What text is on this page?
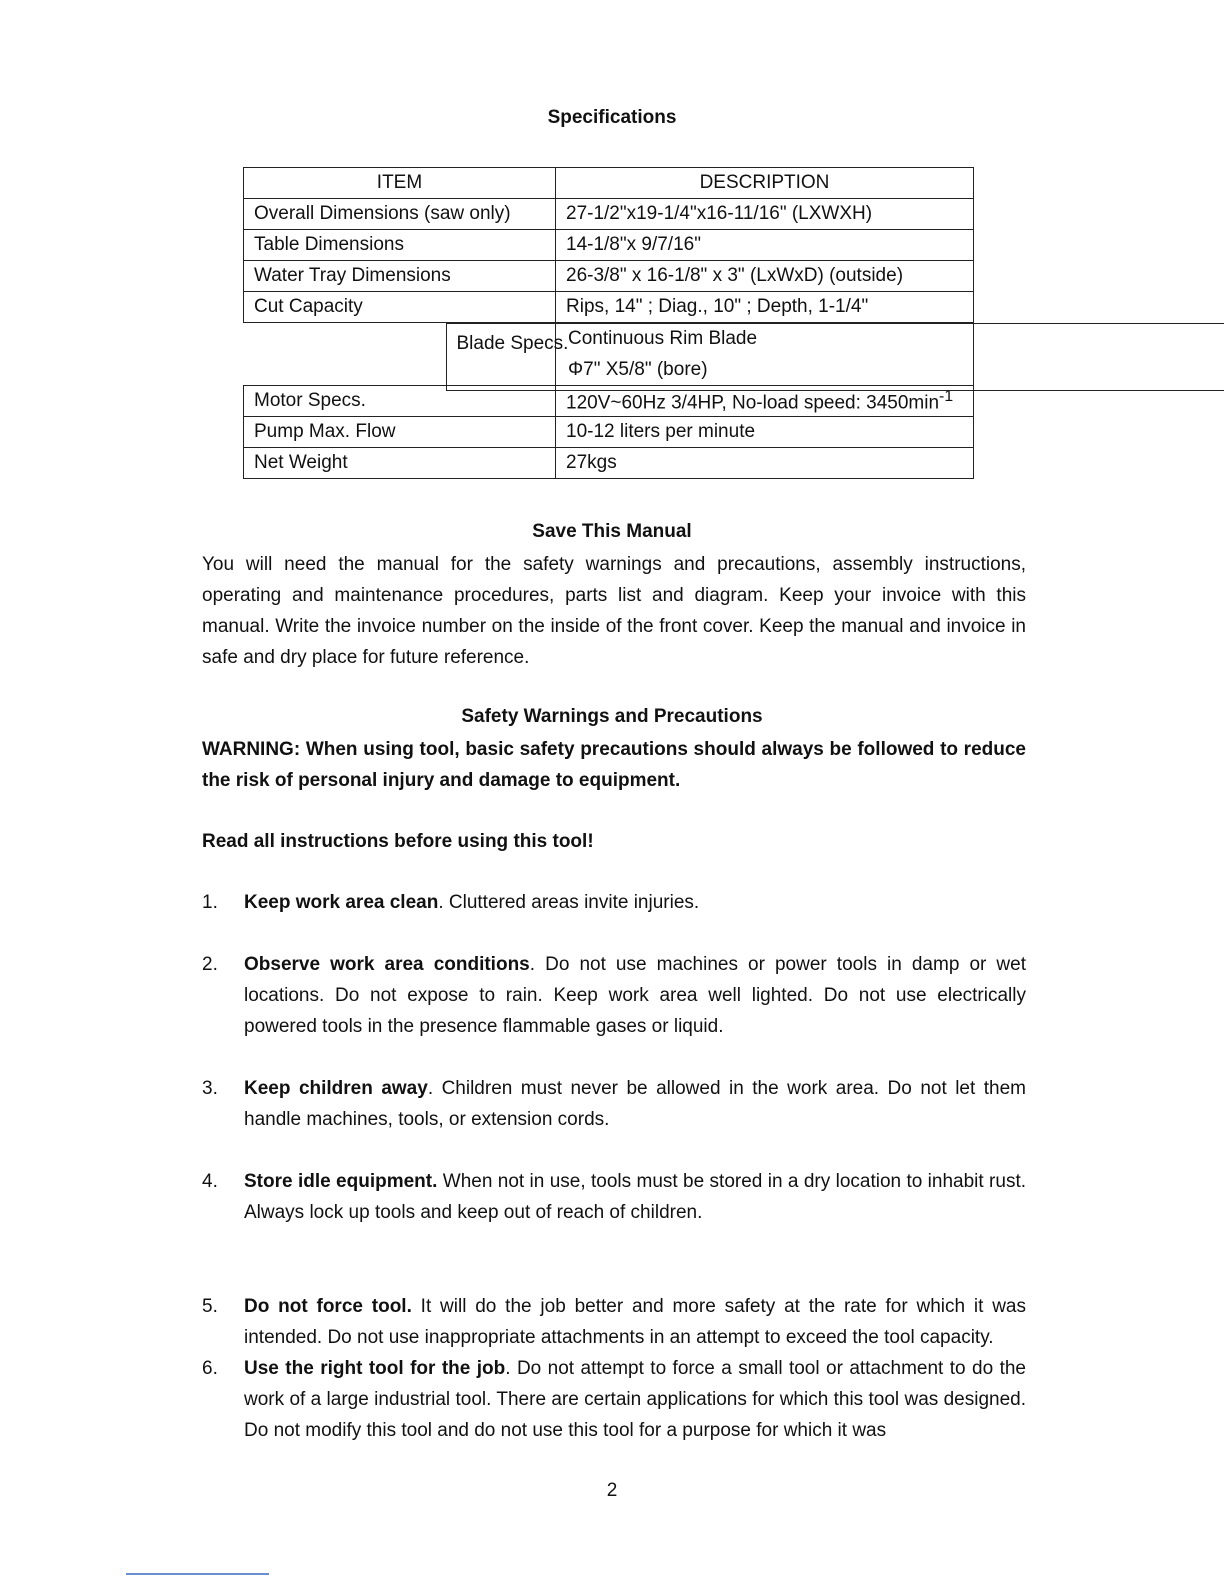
Specifications
ITEM	DESCRIPTION
Overall Dimensions (saw only)	27-1/2"x19-1/4"x16-11/16" (LXWXH)
Table Dimensions	14-1/8"x 9/7/16"
Water Tray Dimensions	26-3/8" x 16-1/8" x 3" (LxWxD) (outside)
Cut Capacity	Rips, 14" ; Diag., 10" ; Depth, 1-1/4"

Blade Specs. Continuous Rim Blade
Φ7" X5/8" (bore)

Motor Specs.	120V~60Hz 3/4HP, No-load speed: $3450\min^{-1}$
Pump Max. Flow	10-12 liters per minute
Net Weight	27kgs
Save This Manual
You will need the manual for the safety warnings and precautions, assembly instructions, operating and maintenance procedures, parts list and diagram. Keep your invoice with this manual. Write the invoice number on the inside of the front cover. Keep the manual and invoice in safe and dry place for future reference.
Safety Warnings and Precautions
WARNING: When using tool, basic safety precautions should always be followed to reduce the risk of personal injury and damage to equipment.
Read all instructions before using this tool!
1. Keep work area clean. Cluttered areas invite injuries.
2. Observe work area conditions. Do not use machines or power tools in damp or wet locations. Do not expose to rain. Keep work area well lighted. Do not use electrically powered tools in the presence flammable gases or liquid.
3. Keep children away. Children must never be allowed in the work area. Do not let them handle machines, tools, or extension cords.
4. Store idle equipment. When not in use, tools must be stored in a dry location to inhabit rust. Always lock up tools and keep out of reach of children.
5. Do not force tool. It will do the job better and more safety at the rate for which it was intended. Do not use inappropriate attachments in an attempt to exceed the tool capacity.
6. Use the right tool for the job. Do not attempt to force a small tool or attachment to do the work of a large industrial tool. There are certain applications for which this tool was designed. Do not modify this tool and do not use this tool for a purpose for which it was
2
